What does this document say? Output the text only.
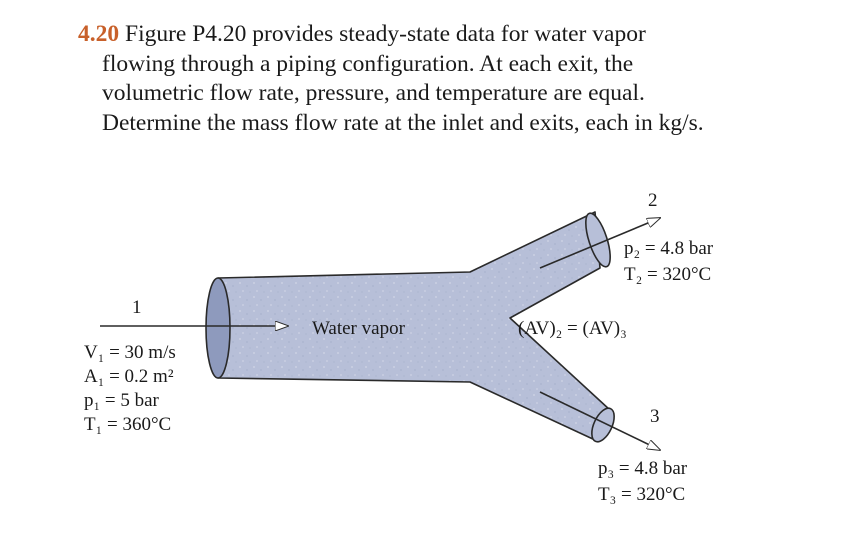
4.20 Figure P4.20 provides steady-state data for water vapor
flowing through a piping configuration. At each exit, the
volumetric flow rate, pressure, and temperature are equal.
Determine the mass flow rate at the inlet and exits, each in kg/s.
Water vapor	(AV)₂ = (AV)₃
1
V₁ = 30 m/s
A₁ = 0.2 m²
p₁ = 5 bar
T₁ = 360°C
2
p₂ = 4.8 bar
T₂ = 320°C
3
p₃ = 4.8 bar
T₃ = 320°C
